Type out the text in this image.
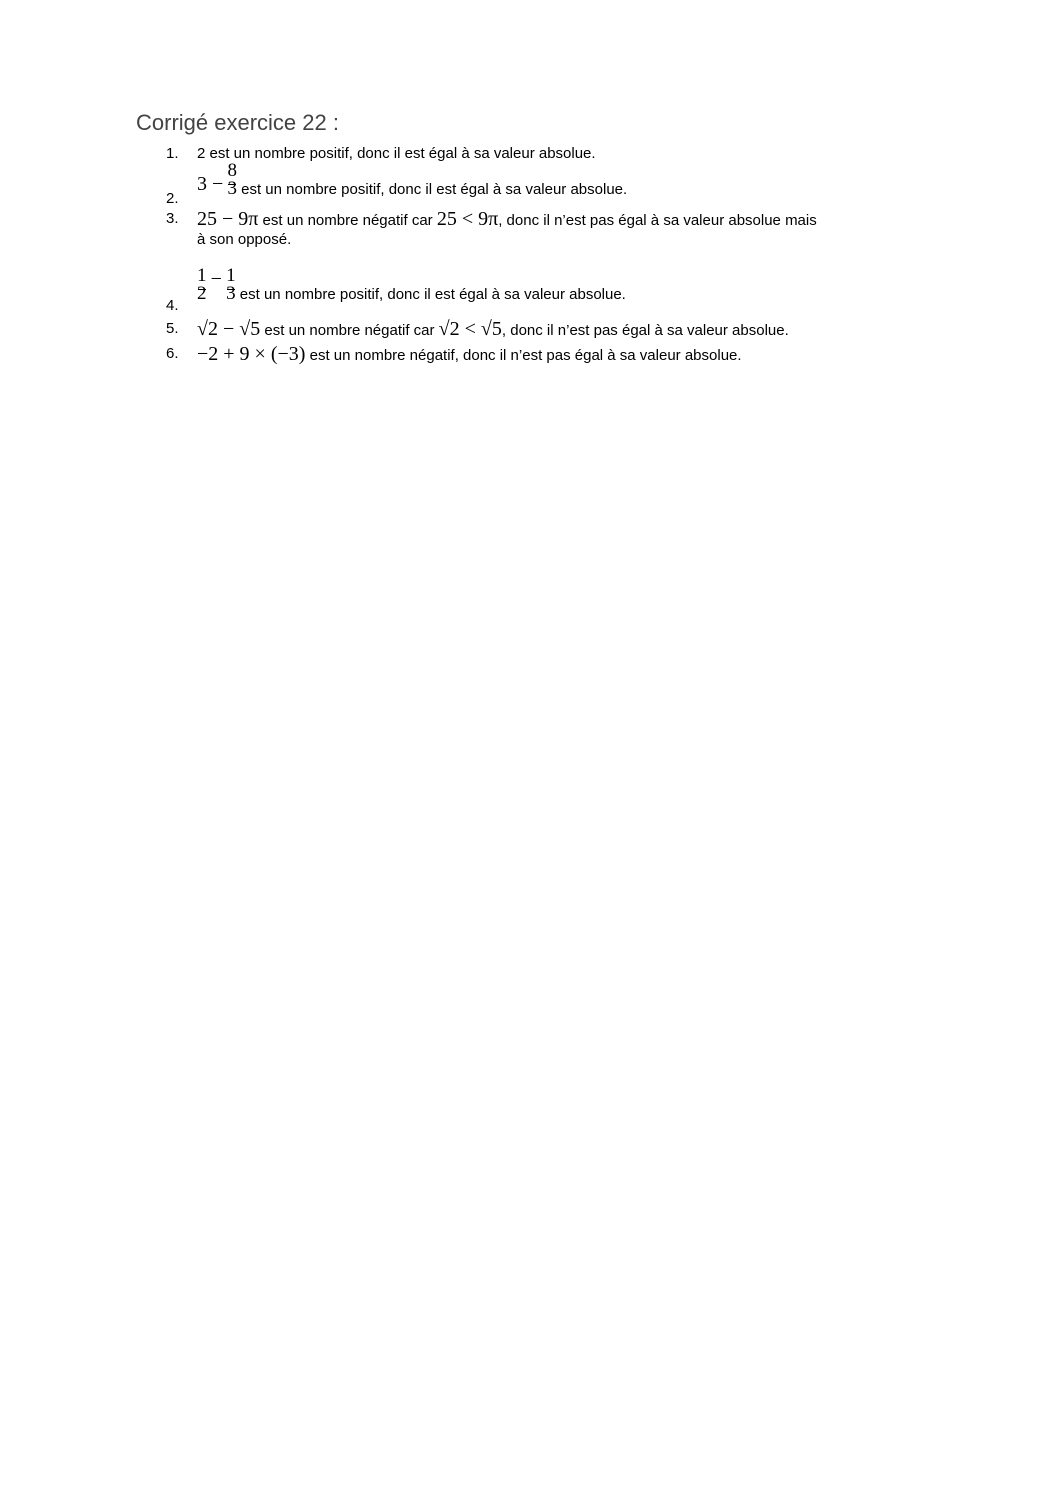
Corrigé exercice 22 :
1. 2 est un nombre positif, donc il est égal à sa valeur absolue.
2.
$3 - \frac{8}{3}$ est un nombre positif, donc il est égal à sa valeur absolue.
3. 25 − 9π est un nombre négatif car 25 < 9π, donc il n’est pas égal à sa valeur absolue mais
à son opposé.
4.
$\frac{1}{2} - \frac{1}{3}$ est un nombre positif, donc il est égal à sa valeur absolue.
5. √2 − √5 est un nombre négatif car √2 < √5, donc il n’est pas égal à sa valeur absolue.
6. −2 + 9 × (−3) est un nombre négatif, donc il n’est pas égal à sa valeur absolue.
